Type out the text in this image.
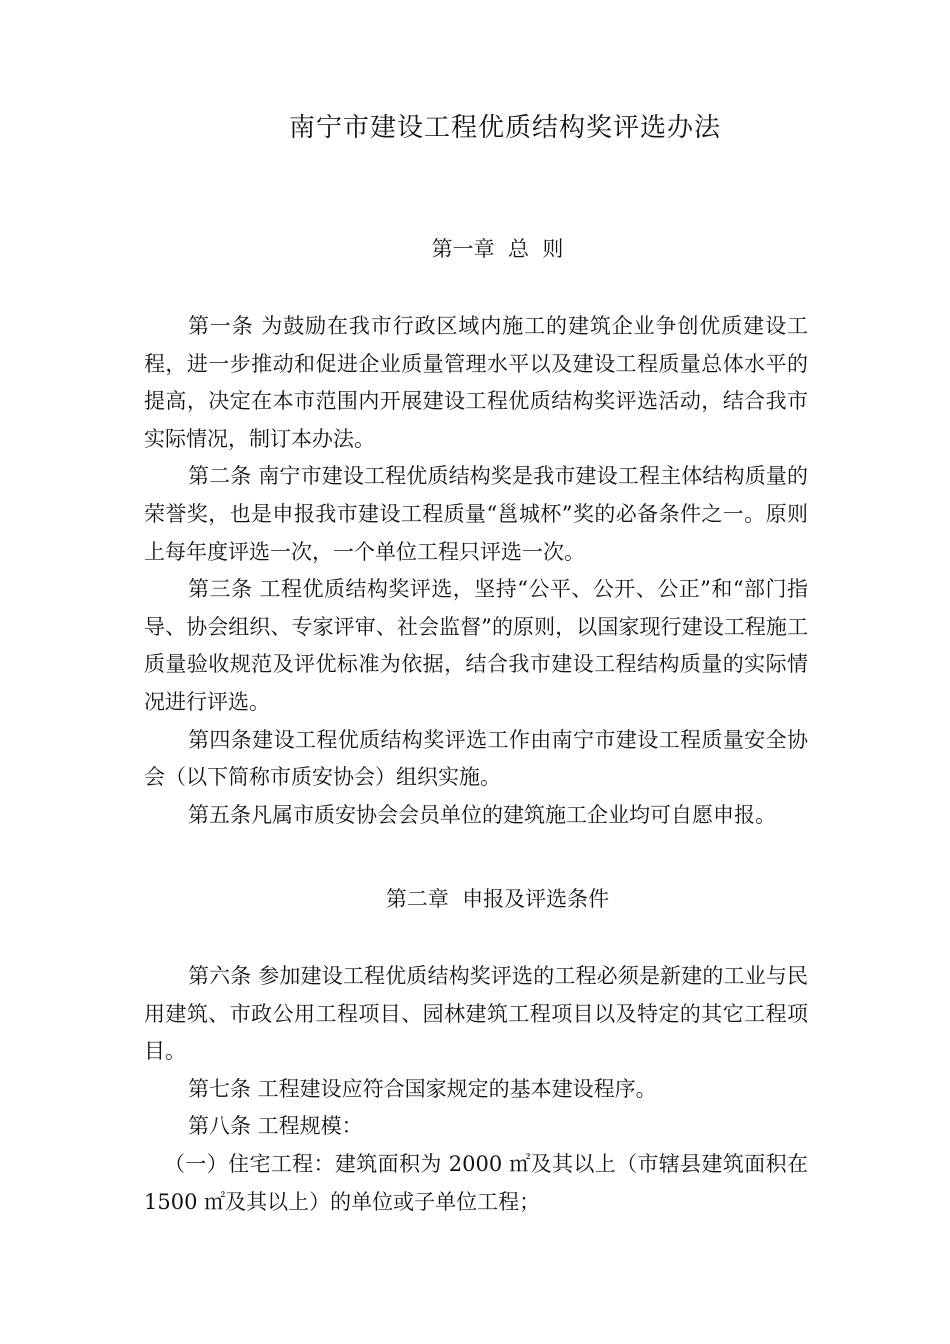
南宁市建设工程优质结构奖评选办法
第一章  总  则

第一条 为鼓励在我市行政区域内施工的建筑企业争创优质建设工程，进一步推动和促进企业质量管理水平以及建设工程质量总体水平的提高，决定在本市范围内开展建设工程优质结构奖评选活动，结合我市实际情况，制订本办法。

第二条 南宁市建设工程优质结构奖是我市建设工程主体结构质量的荣誉奖，也是申报我市建设工程质量“邕城杯”奖的必备条件之一。原则上每年度评选一次，一个单位工程只评选一次。

第三条 工程优质结构奖评选，坚持“公平、公开、公正”和“部门指导、协会组织、专家评审、社会监督”的原则，以国家现行建设工程施工质量验收规范及评优标准为依据，结合我市建设工程结构质量的实际情况进行评选。

第四条建设工程优质结构奖评选工作由南宁市建设工程质量安全协会（以下简称市质安协会）组织实施。

第五条凡属市质安协会会员单位的建筑施工企业均可自愿申报。

第二章  申报及评选条件

第六条 参加建设工程优质结构奖评选的工程必须是新建的工业与民用建筑、市政公用工程项目、园林建筑工程项目以及特定的其它工程项目。

第七条 工程建设应符合国家规定的基本建设程序。

第八条 工程规模：

（一）住宅工程：建筑面积为 2000 ㎡及其以上（市辖县建筑面积在 1500 ㎡及其以上）的单位或子单位工程；
